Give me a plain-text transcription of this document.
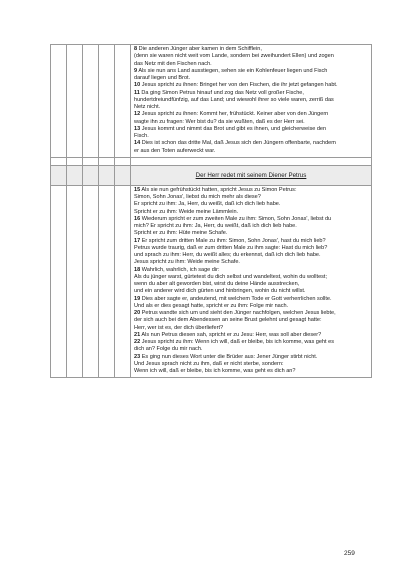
8 Die anderen Jünger aber kamen in dem Schifflein,
(denn sie waren nicht weit vom Lande, sondern bei zweihundert Ellen) und zogen
das Netz mit den Fischen nach.
9 Als sie nun ans Land ausstiegen, sehen sie ein Kohlenfeuer liegen und Fisch
darauf liegen und Brot.
10 Jesus spricht zu ihnen: Bringet her von den Fischen, die ihr jetzt gefangen habt.
11 Da ging Simon Petrus hinauf und zog das Netz voll großer Fische,
hundertdreiundfünfzig, auf das Land; und wiewohl ihrer so viele waren, zerriß das
Netz nicht.
12 Jesus spricht zu ihnen: Kommt her, frühstückt. Keiner aber von den Jüngern
wagte ihn zu fragen: Wer bist du? da sie wußten, daß es der Herr sei.
13 Jesus kommt und nimmt das Brot und gibt es ihnen, und gleicherweise den
Fisch.
14 Dies ist schon das dritte Mal, daß Jesus sich den Jüngern offenbarte, nachdem
er aus den Toten auferweckt war.
Der Herr redet mit seinem Diener Petrus
15 Als sie nun gefrühstückt hatten, spricht Jesus zu Simon Petrus:
Simon, Sohn Jonas', liebst du mich mehr als diese?
Er spricht zu ihm: Ja, Herr, du weißt, daß ich dich lieb habe.
Spricht er zu ihm: Weide meine Lämmlein.
16 Wiederum spricht er zum zweiten Male zu ihm: Simon, Sohn Jonas', liebst du
mich? Er spricht zu ihm: Ja, Herr, du weißt, daß ich dich lieb habe.
Spricht er zu ihm: Hüte meine Schafe.
17 Er spricht zum dritten Male zu ihm: Simon, Sohn Jonas', hast du mich lieb?
Petrus wurde traurig, daß er zum dritten Male zu ihm sagte: Hast du mich lieb?
und sprach zu ihm: Herr, du weißt alles; du erkennst, daß ich dich lieb habe.
Jesus spricht zu ihm: Weide meine Schafe.
18 Wahrlich, wahrlich, ich sage dir:
Als du jünger warst, gürtetest du dich selbst und wandeltest, wohin du wolltest;
wenn du aber alt geworden bist, wirst du deine Hände ausstrecken,
und ein anderer wird dich gürten und hinbringen, wohin du nicht willst.
19 Dies aber sagte er, andeutend, mit welchem Tode er Gott verherrlichen sollte.
Und als er dies gesagt hatte, spricht er zu ihm: Folge mir nach.
20 Petrus wandte sich um und sieht den Jünger nachfolgen, welchen Jesus liebte,
der sich auch bei dem Abendessen an seine Brust gelehnt und gesagt hatte:
Herr, wer ist es, der dich überliefert?
21 Als nun Petrus diesen sah, spricht er zu Jesu: Herr, was soll aber dieser?
22 Jesus spricht zu ihm: Wenn ich will, daß er bleibe, bis ich komme, was geht es
dich an? Folge du mir nach.
23 Es ging nun dieses Wort unter die Brüder aus: Jener Jünger stirbt nicht.
Und Jesus sprach nicht zu ihm, daß er nicht sterbe, sondern:
Wenn ich will, daß er bleibe, bis ich komme, was geht es dich an?
259
